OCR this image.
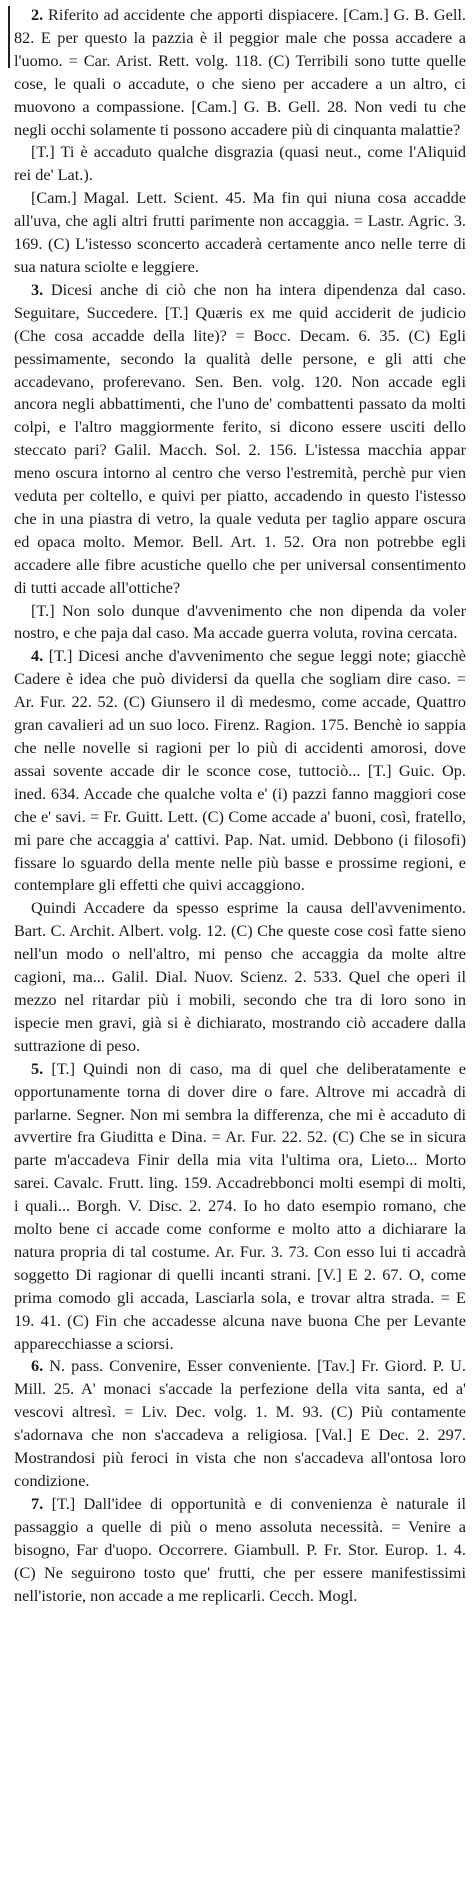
2. Riferito ad accidente che apporti dispiacere. [Cam.] G. B. Gell. 82. E per questo la pazzia è il peggior male che possa accadere a l'uomo. = Car. Arist. Rett. volg. 118. (C) Terribili sono tutte quelle cose, le quali o accadute, o che sieno per accadere a un altro, ci muovono a compassione. [Cam.] G. B. Gell. 28. Non vedi tu che negli occhi solamente ti possono accadere più di cinquanta malattie?

[T.] Ti è accaduto qualche disgrazia (quasi neut., come l'Aliquid rei de' Lat.).

[Cam.] Magal. Lett. Scient. 45. Ma fin qui niuna cosa accadde all'uva, che agli altri frutti parimente non accaggia. = Lastr. Agric. 3. 169. (C) L'istesso sconcerto accaderà certamente anco nelle terre di sua natura sciolte e leggiere.

3. Dicesi anche di ciò che non ha intera dipendenza dal caso. Seguitare, Succedere. [T.] Quæris ex me quid acciderit de judicio (Che cosa accadde della lite)? = Bocc. Decam. 6. 35. (C) Egli pessimamente, secondo la qualità delle persone, e gli atti che accadevano, proferevano. Sen. Ben. volg. 120. Non accade egli ancora negli abbattimenti, che l'uno de' combattenti passato da molti colpi, e l'altro maggiormente ferito, si dicono essere usciti dello steccato pari? Galil. Macch. Sol. 2. 156. L'istessa macchia appar meno oscura intorno al centro che verso l'estremità, perchè pur vien veduta per coltello, e quivi per piatto, accadendo in questo l'istesso che in una piastra di vetro, la quale veduta per taglio appare oscura ed opaca molto. Memor. Bell. Art. 1. 52. Ora non potrebbe egli accadere alle fibre acustiche quello che per universal consentimento di tutti accade all'ottiche?

[T.] Non solo dunque d'avvenimento che non dipenda da voler nostro, e che paja dal caso. Ma accade guerra voluta, rovina cercata.

4. [T.] Dicesi anche d'avvenimento che segue leggi note; giacchè Cadere è idea che può dividersi da quella che sogliam dire caso. = Ar. Fur. 22. 52. (C) Giunsero il dì medesmo, come accade, Quattro gran cavalieri ad un suo loco. Firenz. Ragion. 175. Benchè io sappia che nelle novelle si ragioni per lo più di accidenti amorosi, dove assai sovente accade dir le sconce cose, tuttociò... [T.] Guic. Op. ined. 634. Accade che qualche volta e' (i) pazzi fanno maggiori cose che e' savi. = Fr. Guitt. Lett. (C) Come accade a' buoni, così, fratello, mi pare che accaggia a' cattivi. Pap. Nat. umid. Debbono (i filosofi) fissare lo sguardo della mente nelle più basse e prossime regioni, e contemplare gli effetti che quivi accaggiono.

Quindi Accadere da spesso esprime la causa dell'avvenimento. Bart. C. Archit. Albert. volg. 12. (C) Che queste cose così fatte sieno nell'un modo o nell'altro, mi penso che accaggia da molte altre cagioni, ma... Galil. Dial. Nuov. Scienz. 2. 533. Quel che operi il mezzo nel ritardar più i mobili, secondo che tra di loro sono in ispecie men gravi, già si è dichiarato, mostrando ciò accadere dalla suttrazione di peso.

5. [T.] Quindi non di caso, ma di quel che deliberatamente e opportunamente torna di dover dire o fare. Altrove mi accadrà di parlarne. Segner. Non mi sembra la differenza, che mi è accaduto di avvertire fra Giuditta e Dina. = Ar. Fur. 22. 52. (C) Che se in sicura parte m'accadeva Finir della mia vita l'ultima ora, Lieto... Morto sarei. Cavalc. Frutt. ling. 159. Accadrebbonci molti esempi di molti, i quali... Borgh. V. Disc. 2. 274. Io ho dato esempio romano, che molto bene ci accade come conforme e molto atto a dichiarare la natura propria di tal costume. Ar. Fur. 3. 73. Con esso lui ti accadrà soggetto Di ragionar di quelli incanti strani. [V.] E 2. 67. O, come prima comodo gli accada, Lasciarla sola, e trovar altra strada. = E 19. 41. (C) Fin che accadesse alcuna nave buona Che per Levante apparecchiasse a sciorsi.

6. N. pass. Convenire, Esser conveniente. [Tav.] Fr. Giord. P. U. Mill. 25. A' monaci s'accade la perfezione della vita santa, ed a' vescovi altresì. = Liv. Dec. volg. 1. M. 93. (C) Più contamente s'adornava che non s'accadeva a religiosa. [Val.] E Dec. 2. 297. Mostrandosi più feroci in vista che non s'accadeva all'ontosa loro condizione.

7. [T.] Dall'idee di opportunità e di convenienza è naturale il passaggio a quelle di più o meno assoluta necessità. = Venire a bisogno, Far d'uopo. Occorrere. Giambull. P. Fr. Stor. Europ. 1. 4. (C) Ne seguirono tosto que' frutti, che per essere manifestissimi nell'istorie, non accade a me replicarli. Cecch. Mogl.
